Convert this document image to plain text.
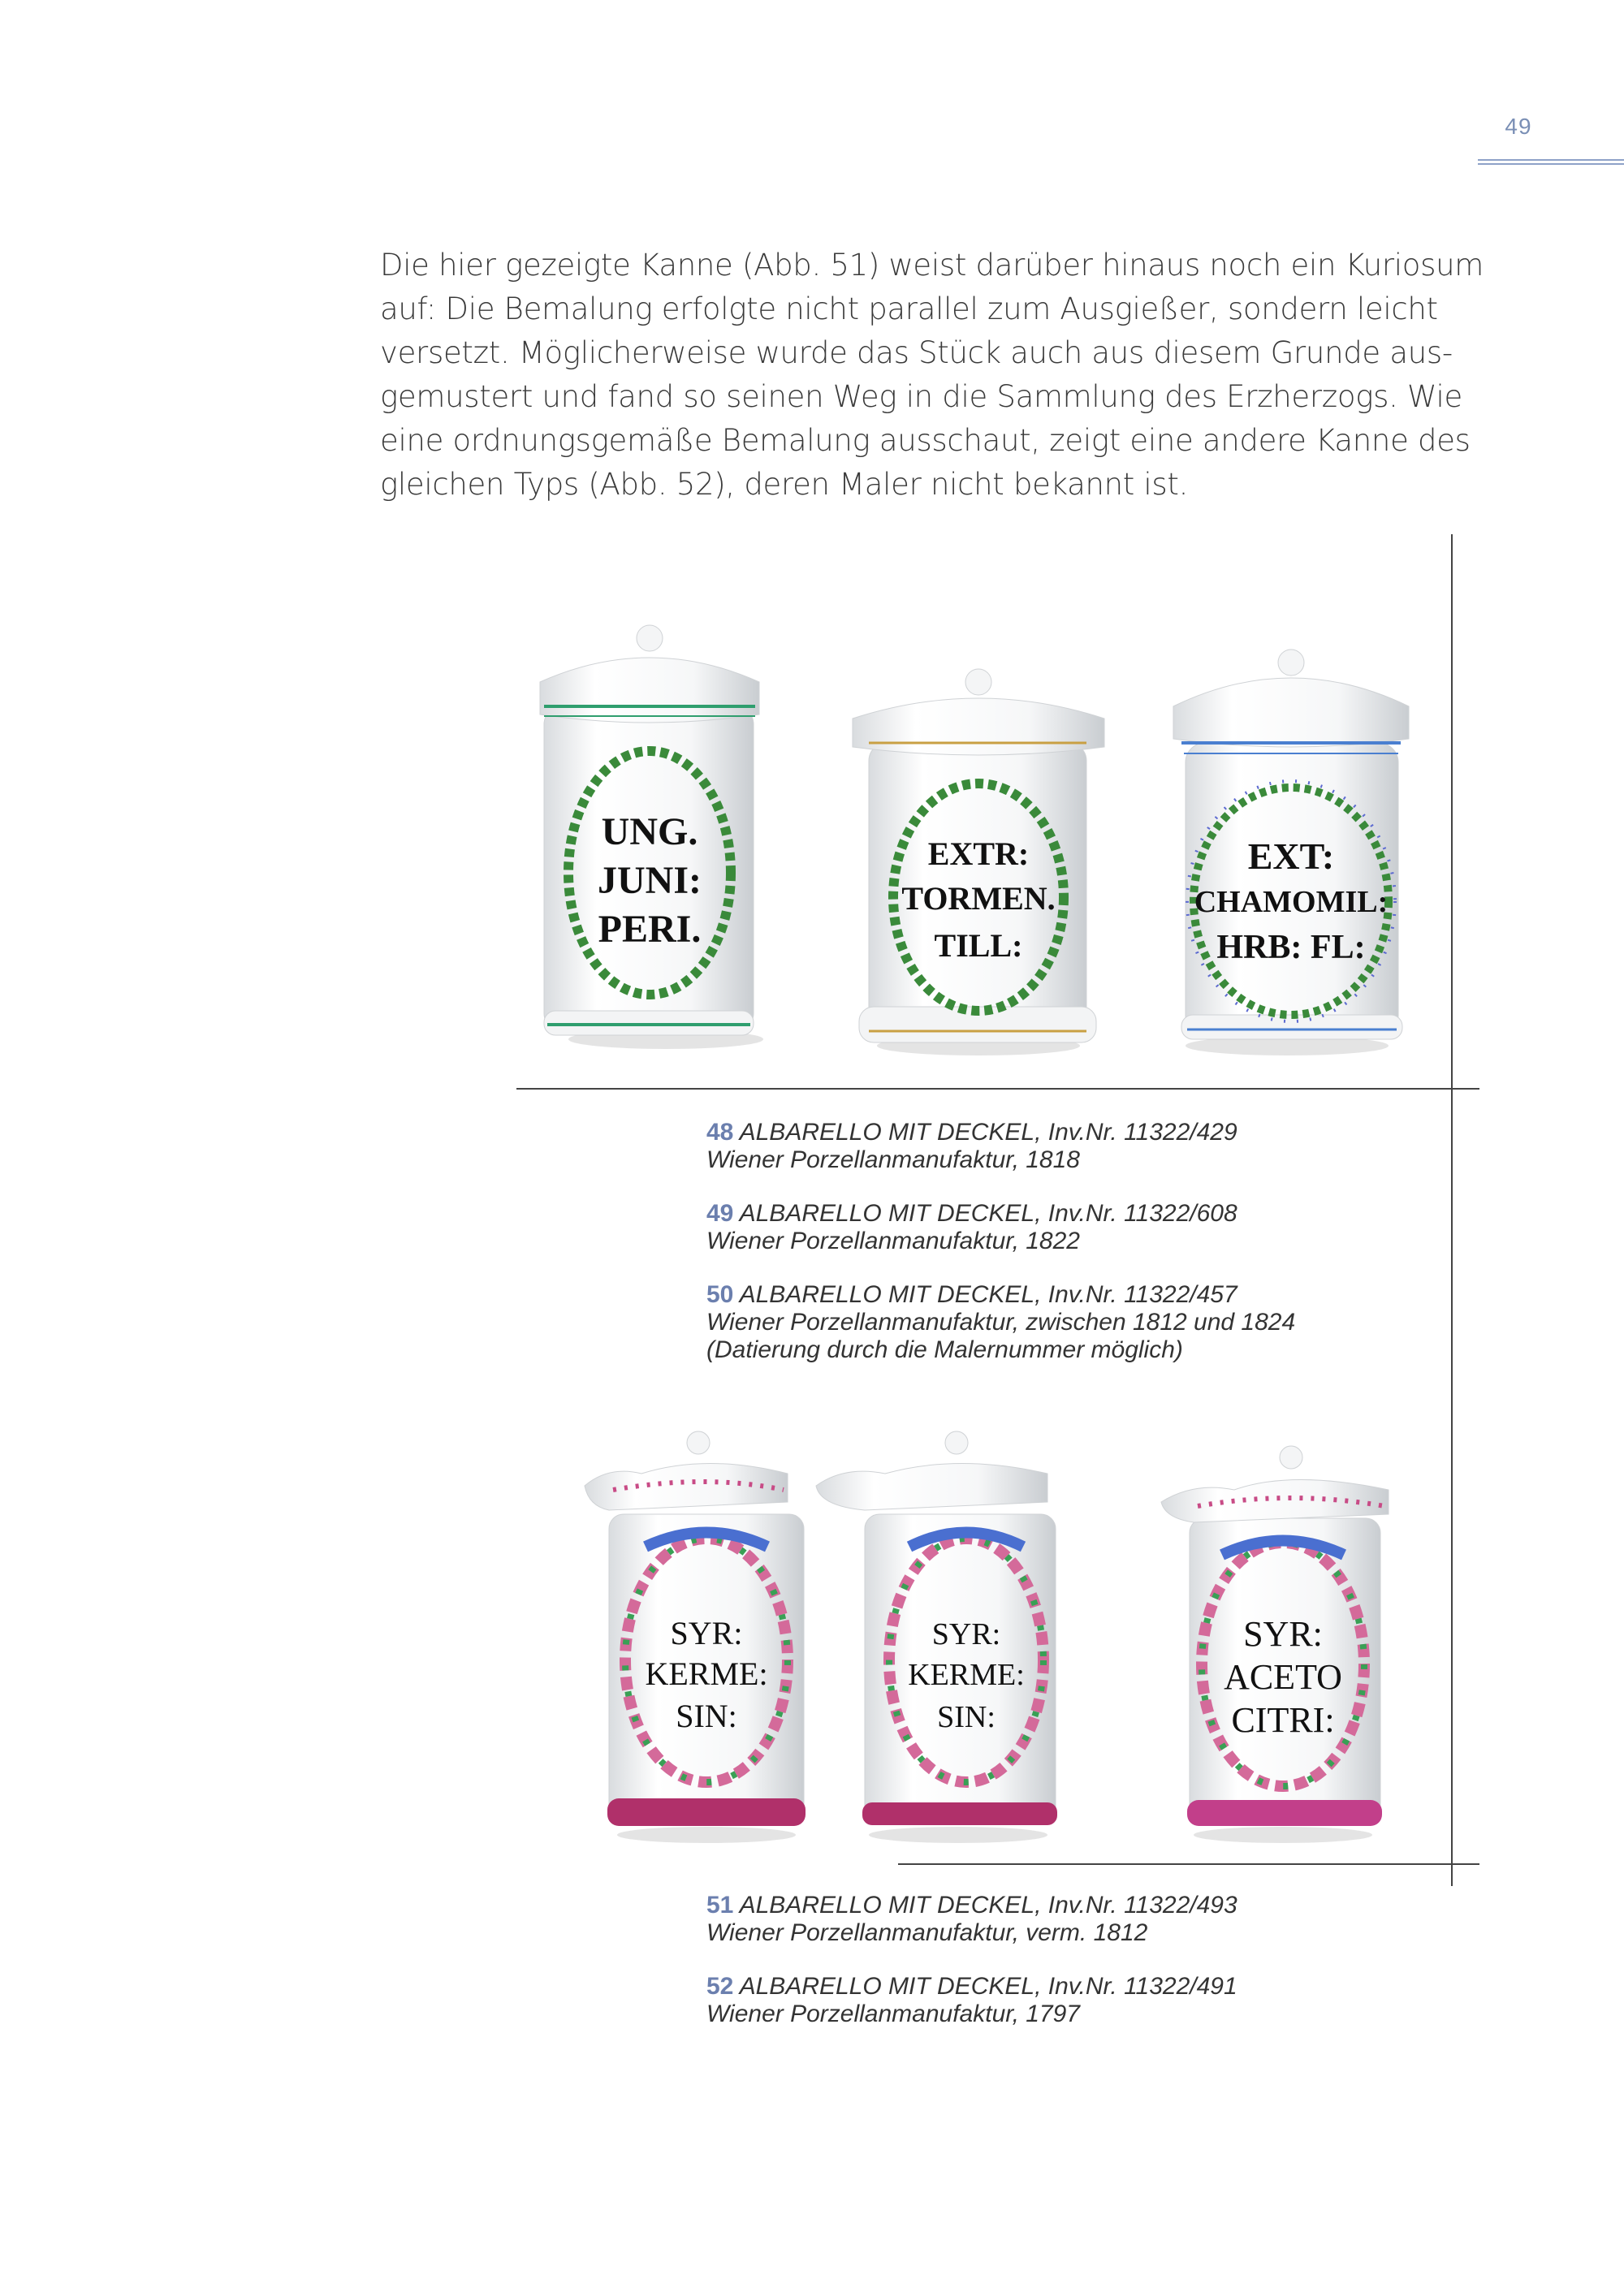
49
Die hier gezeigte Kanne (Abb. 51) weist darüber hinaus noch ein Kuriosum
auf: Die Bemalung erfolgte nicht parallel zum Ausgießer, sondern leicht
versetzt. Möglicherweise wurde das Stück auch aus diesem Grunde aus-
gemustert und fand so seinen Weg in die Sammlung des Erzherzogs. Wie
eine ordnungsgemäße Bemalung ausschaut, zeigt eine andere Kanne des
gleichen Typs (Abb. 52), deren Maler nicht bekannt ist.
UNG.
JUNI:
PERI.
EXTR:
TORMEN.
TILL:
EXT:
CHAMOMIL:
HRB: FL:
48 ALBARELLO MIT DECKEL, Inv.Nr. 11322/429
Wiener Porzellanmanufaktur, 1818
49 ALBARELLO MIT DECKEL, Inv.Nr. 11322/608
Wiener Porzellanmanufaktur, 1822
50 ALBARELLO MIT DECKEL, Inv.Nr. 11322/457
Wiener Porzellanmanufaktur, zwischen 1812 und 1824
(Datierung durch die Malernummer möglich)
SYR:
KERME:
SIN:
SYR:
KERME:
SIN:
SYR:
ACETO
CITRI:
51 ALBARELLO MIT DECKEL, Inv.Nr. 11322/493
Wiener Porzellanmanufaktur, verm. 1812
52 ALBARELLO MIT DECKEL, Inv.Nr. 11322/491
Wiener Porzellanmanufaktur, 1797
